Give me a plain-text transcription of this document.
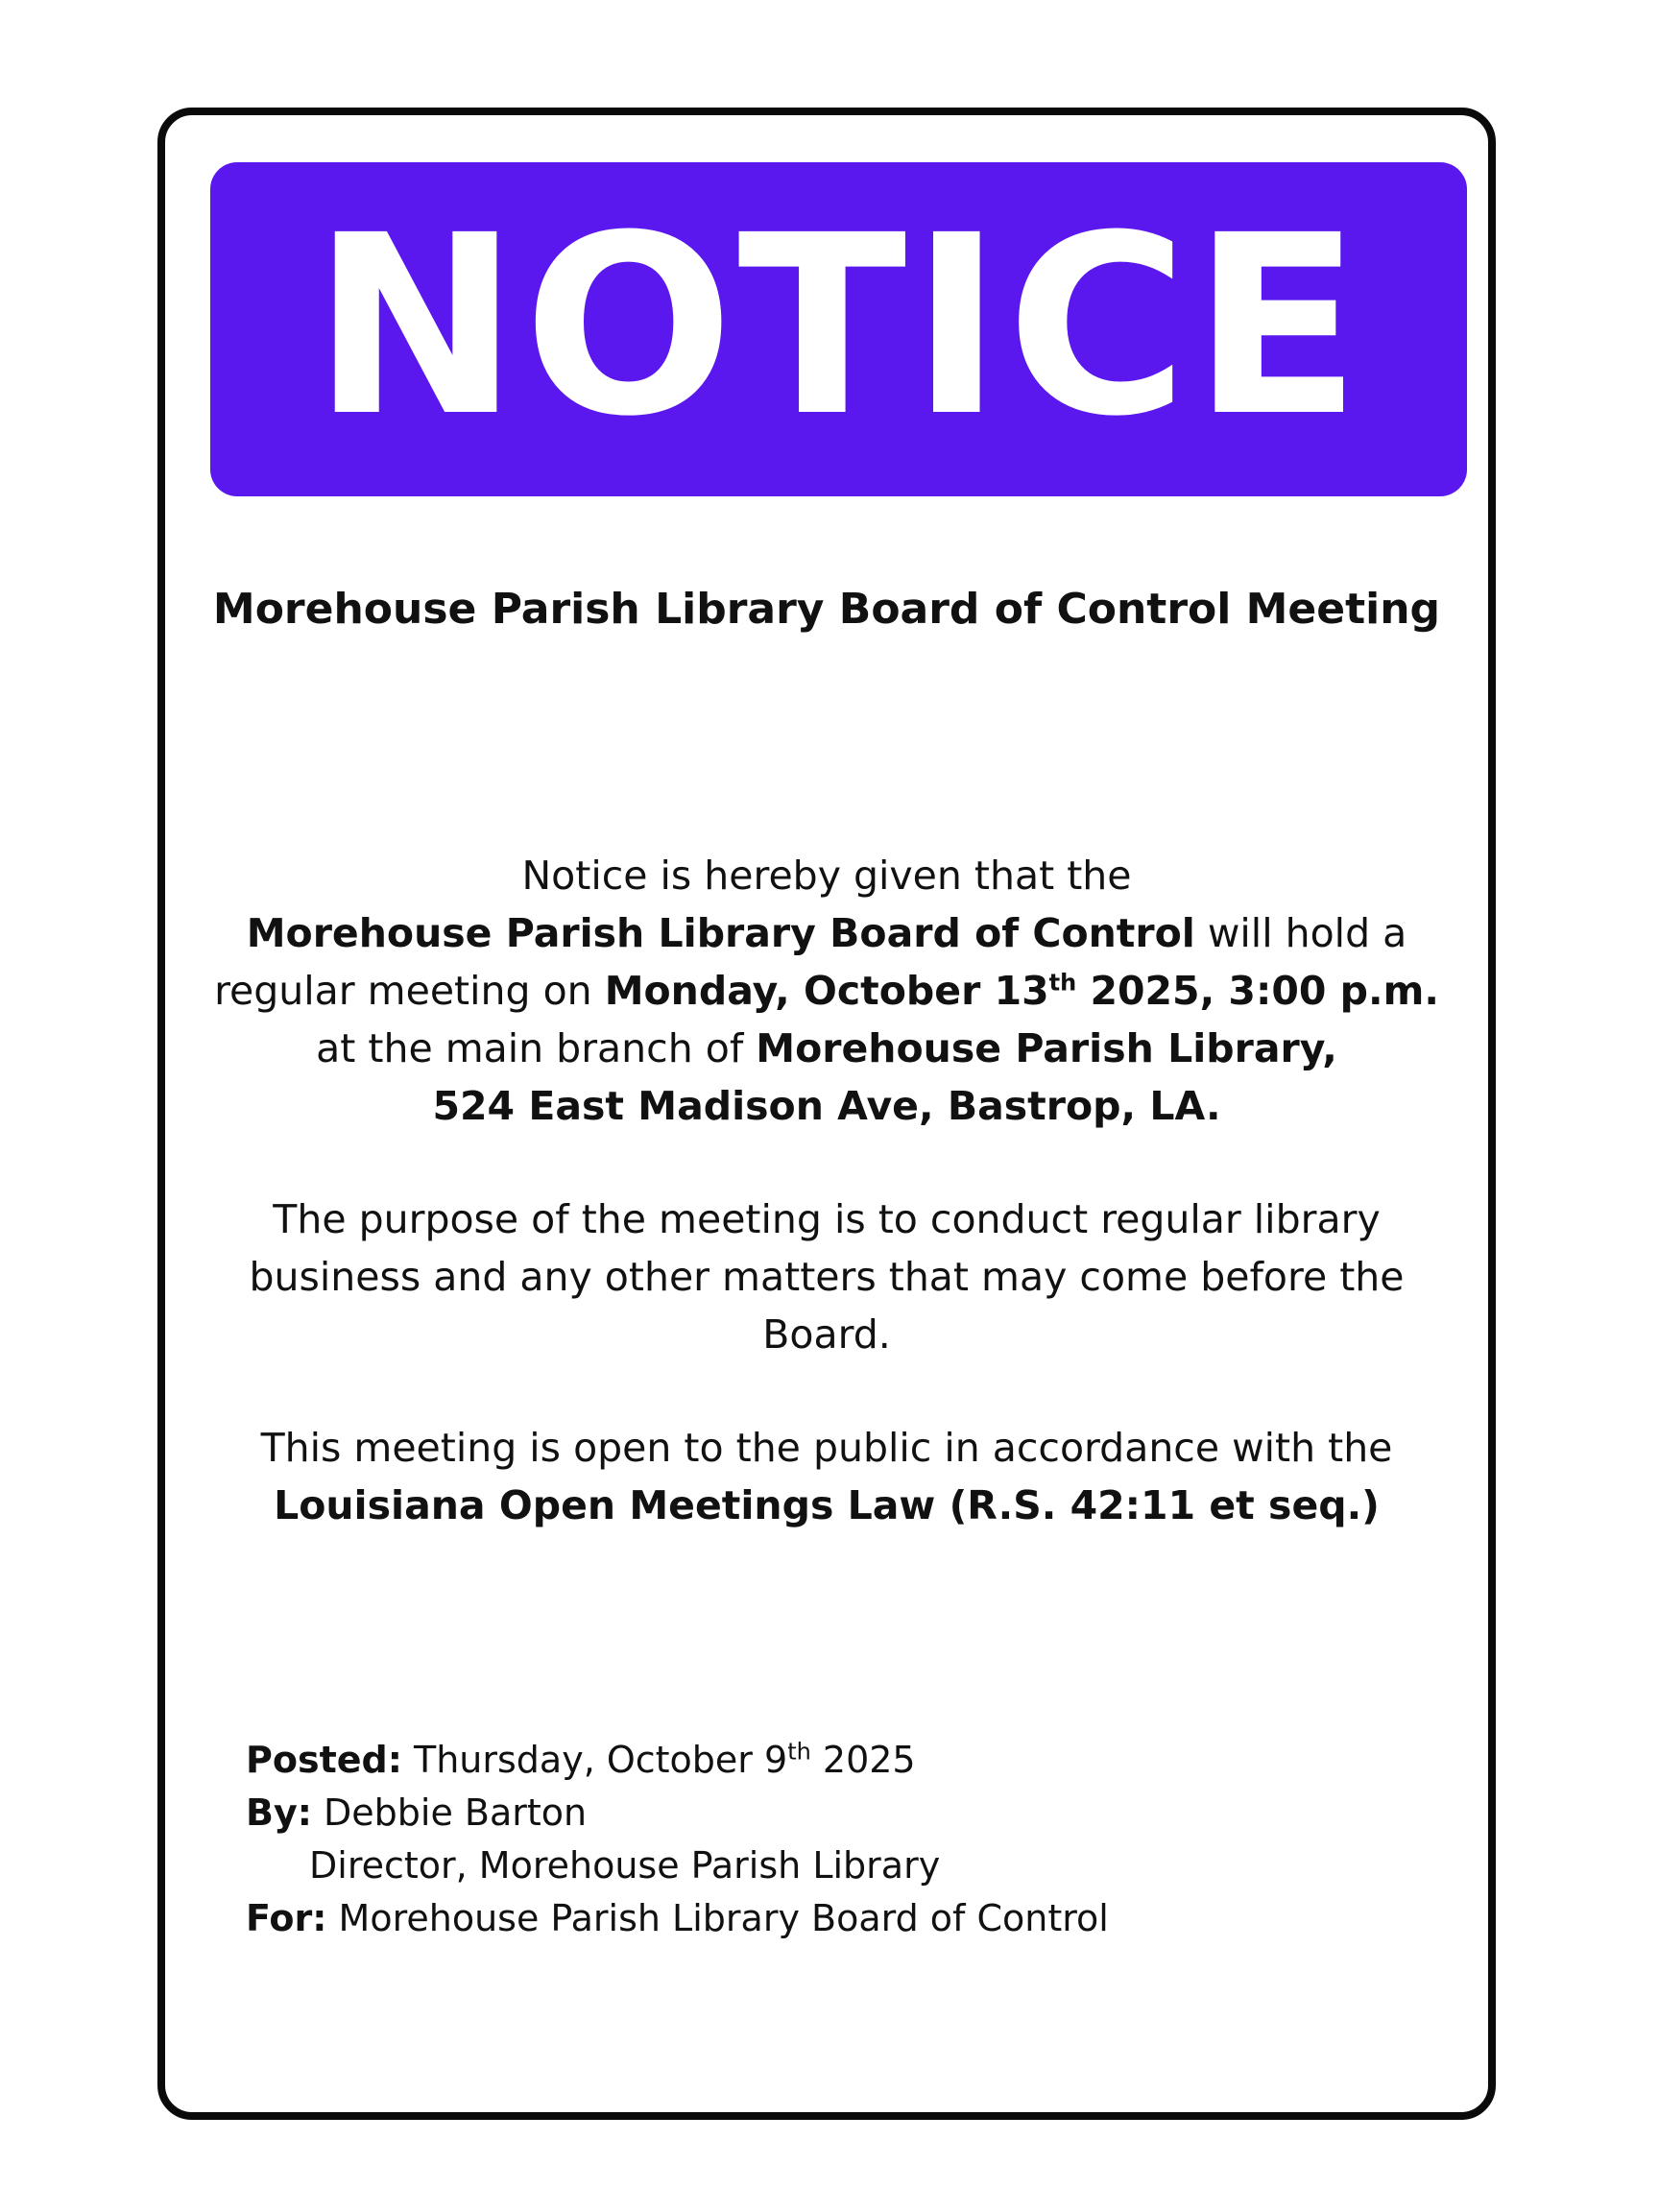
NOTICE
Morehouse Parish Library Board of Control Meeting
Notice is hereby given that the
Morehouse Parish Library Board of Control will hold a regular meeting on Monday, October 13th 2025, 3:00 p.m. at the main branch of Morehouse Parish Library,
524 East Madison Ave, Bastrop, LA.
The purpose of the meeting is to conduct regular library business and any other matters that may come before the Board.
This meeting is open to the public in accordance with the
Louisiana Open Meetings Law (R.S. 42:11 et seq.)
Posted: Thursday, October 9th 2025
By: Debbie Barton
Director, Morehouse Parish Library
For: Morehouse Parish Library Board of Control
